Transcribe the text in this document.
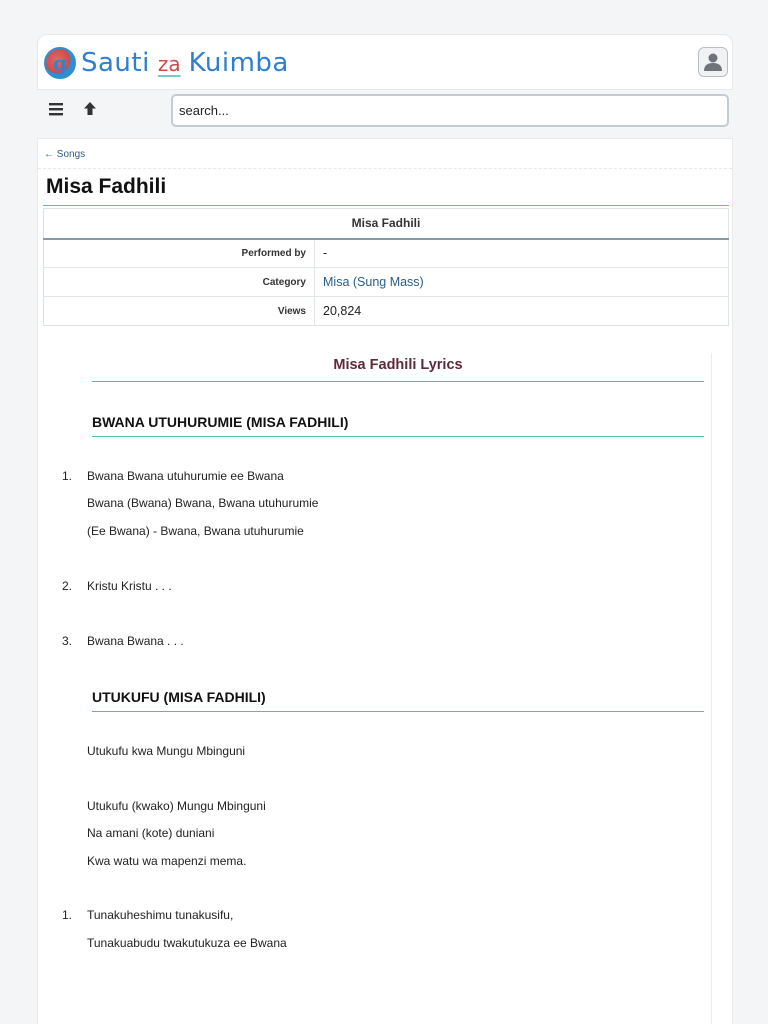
g Sauti za Kuimba
search...
← Songs
Misa Fadhili
Misa Fadhili	
Performed by	-
Category	Misa (Sung Mass)
Views	20,824
Misa Fadhili Lyrics
BWANA UTUHURUMIE (MISA FADHILI)
1. Bwana Bwana utuhurumie ee Bwana
Bwana (Bwana) Bwana, Bwana utuhurumie
(Ee Bwana) - Bwana, Bwana utuhurumie
2. Kristu Kristu . . .
3. Bwana Bwana . . .
UTUKUFU (MISA FADHILI)
Utukufu kwa Mungu Mbinguni
Utukufu (kwako) Mungu Mbinguni
Na amani (kote) duniani
Kwa watu wa mapenzi mema.
1. Tunakuheshimu tunakusifu,
Tunakuabudu twakutukuza ee Bwana
